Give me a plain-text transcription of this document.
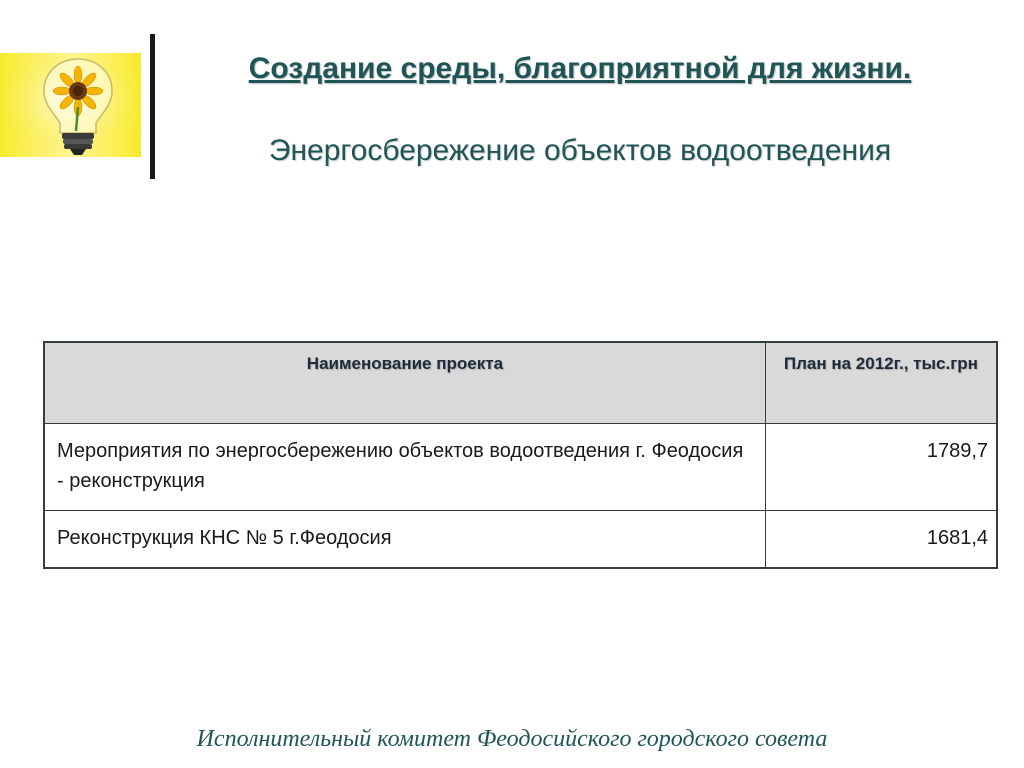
Создание среды, благоприятной для жизни.
Энергосбережение объектов водоотведения
Наименование проекта	План на 2012г., тыс.грн
Мероприятия по энергосбережению объектов водоотведения г. Феодосия - реконструкция	1789,7
Реконструкция КНС № 5 г.Феодосия	1681,4
Исполнительный комитет Феодосийского городского совета
